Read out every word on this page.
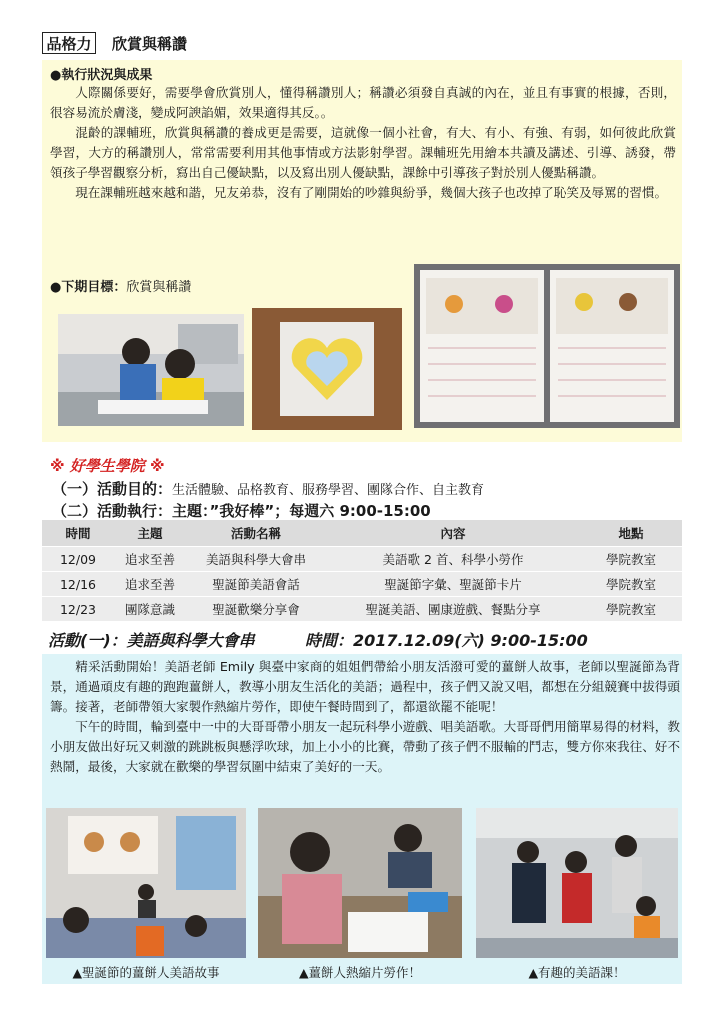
品格力	欣賞與稱讚
●執行狀況與成果

人際關係要好，需要學會欣賞別人，懂得稱讚別人；稱讚必須發自真誠的內在，並且有事實的根據，否則，很容易流於膚淺，變成阿諛諂媚，效果適得其反。。

混齡的課輔班，欣賞與稱讚的養成更是需要，這就像一個小社會，有大、有小、有強、有弱，如何彼此欣賞學習，大方的稱讚別人，常常需要利用其他事情或方法影射學習。課輔班先用繪本共讀及講述、引導、誘發，帶領孩子學習觀察分析，寫出自己優缺點，以及寫出別人優缺點，課餘中引導孩子對於別人優點稱讚。

現在課輔班越來越和諧，兄友弟恭，沒有了剛開始的吵雜與紛爭，幾個大孩子也改掉了恥笑及辱罵的習慣。

●下期目標：欣賞與稱讚
※ 好學生學院 ※
（一）活動目的：生活體驗、品格教育、服務學習、團隊合作、自主教育
（二）活動執行：主題：”我好棒”；每週六 9:00-15:00
時間	主題	活動名稱	內容	地點
12/09	追求至善	美語與科學大會串	美語歌 2 首、科學小勞作	學院教室
12/16	追求至善	聖誕節美語會話	聖誕節字彙、聖誕節卡片	學院教室
12/23	團隊意識	聖誕歡樂分享會	聖誕美語、團康遊戲、餐點分享	學院教室
活動(一)：美語與科學大會串	時間：2017.12.09(六) 9:00-15:00

精采活動開始！美語老師 Emily 與臺中家商的姐姐們帶給小朋友活潑可愛的薑餅人故事，老師以聖誕節為背景，通過頑皮有趣的跑跑薑餅人，教導小朋友生活化的美語；過程中，孩子們又說又唱，都想在分組競賽中拔得頭籌。接著，老師帶領大家製作熱縮片勞作，即使午餐時間到了，都還欲罷不能呢！

下午的時間，輪到臺中一中的大哥哥帶小朋友一起玩科學小遊戲、唱美語歌。大哥哥們用簡單易得的材料，教小朋友做出好玩又刺激的跳跳板與懸浮吹球，加上小小的比賽，帶動了孩子們不服輸的鬥志，雙方你來我往、好不熱鬧，最後，大家就在歡樂的學習氛圍中結束了美好的一天。

▲聖誕節的薑餅人美語故事	▲薑餅人熱縮片勞作！	▲有趣的美語課！
